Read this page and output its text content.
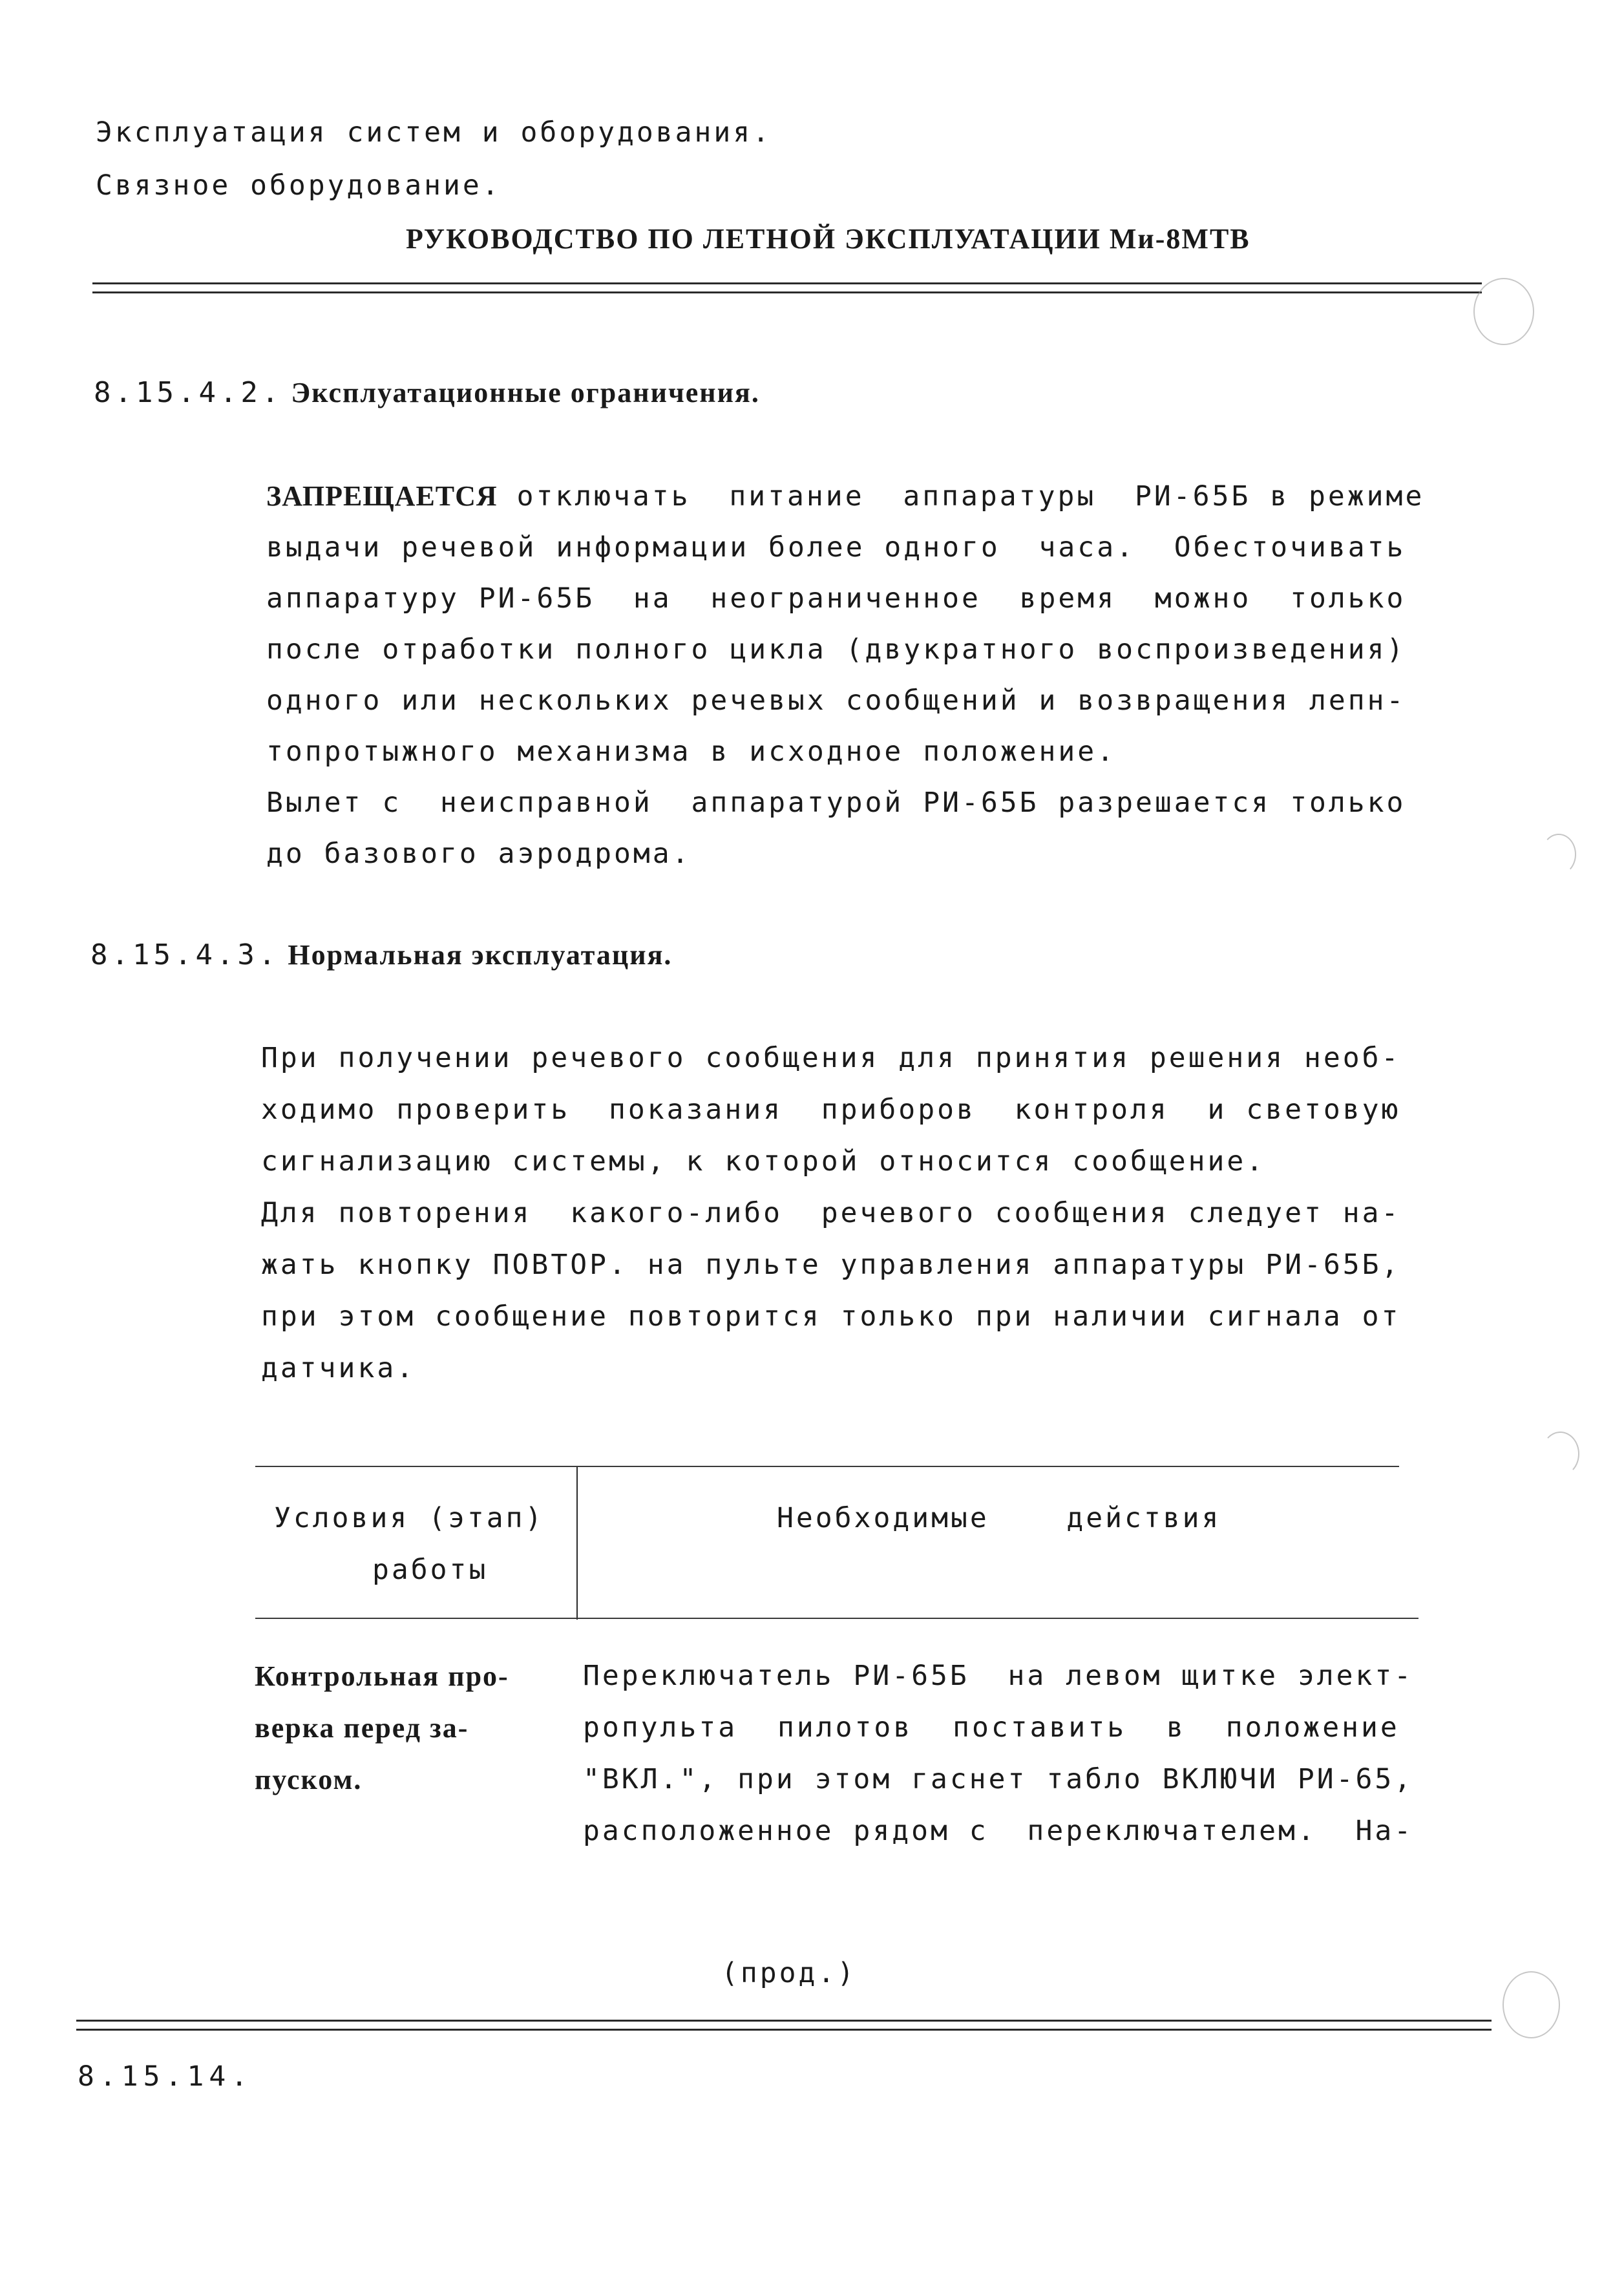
Эксплуатация систем и оборудования.
Связное оборудование.
РУКОВОДСТВО ПО ЛЕТНОЙ ЭКСПЛУАТАЦИИ Ми-8МТВ
8.15.4.2. Эксплуатационные ограничения.
ЗАПРЕЩАЕТСЯ отключать  питание  аппаратуры  РИ-65Б в режиме
выдачи речевой информации более одного  часа.  Обесточивать
аппаратуру РИ-65Б  на  неограниченное  время  можно  только
после отработки полного цикла (двукратного воспроизведения)
одного или нескольких речевых сообщений и возвращения лепн-
топротыжного механизма в исходное положение.
Вылет с  неисправной  аппаратурой РИ-65Б разрешается только
до базового аэродрома.
8.15.4.3. Нормальная эксплуатация.
При получении речевого сообщения для принятия решения необ-
ходимо проверить  показания  приборов  контроля  и световую
сигнализацию системы, к которой относится сообщение.
Для повторения  какого-либо  речевого сообщения следует на-
жать кнопку ПОВТОР. на пульте управления аппаратуры РИ-65Б,
при этом сообщение повторится только при наличии сигнала от
датчика.
Условия (этап)
работы
Необходимые    действия
Контрольная про-
верка перед за-
пуском.
Переключатель РИ-65Б  на левом щитке элект-
ропульта пилотов поставить в положение
"ВКЛ.", при этом гаснет табло ВКЛЮЧИ РИ-65,
расположенное рядом с  переключателем.  На-
(прод.)
8.15.14.
